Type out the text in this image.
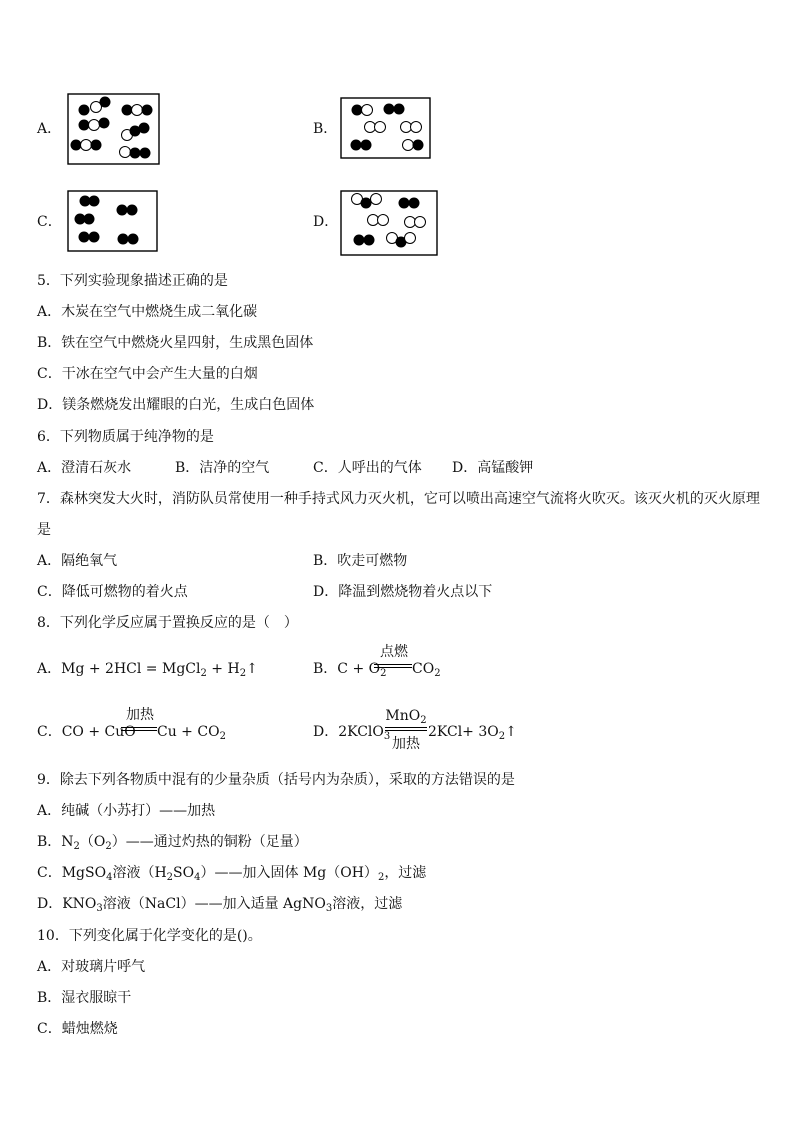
A．	B．
C．	D．
5．下列实验现象描述正确的是
A．木炭在空气中燃烧生成二氧化碳
B．铁在空气中燃烧火星四射，生成黑色固体
C．干冰在空气中会产生大量的白烟
D．镁条燃烧发出耀眼的白光，生成白色固体
6．下列物质属于纯净物的是
A．澄清石灰水	B．洁净的空气	C．人呼出的气体 D．高锰酸钾
7．森林突发大火时，消防队员常使用一种手持式风力灭火机，它可以喷出高速空气流将火吹灭。该灭火机的灭火原理
是
A．隔绝氧气	B．吹走可燃物
C．降低可燃物的着火点	D．降温到燃烧物着火点以下
8．下列化学反应属于置换反应的是（　）
A．Mg + 2HCl = MgCl$_2$ + $H_2↑$	B．$C + O_2$
点燃
$CO_2$
C．CO + CuO
加热
$Cu + CO_2$	D．2KClO$_3$
MnO$_2$
加热
$2KCl+ 3O_2↑$
9．除去下列各物质中混有的少量杂质（括号内为杂质），采取的方法错误的是
A．纯碱（小苏打）——加热
B．$N_2(O_2)——$通过灼热的铜粉（足量）
C．MgSO$_4$溶液$(H_2SO_4)——$加入固体 $Mg(OH)_2$，过滤
D．$KNO_3$溶液（NaCl）——加入适量 AgNO$_3$溶液，过滤
10．下列变化属于化学变化的是()。
A．对玻璃片呼气
B．湿衣服晾干
C．蜡烛燃烧
